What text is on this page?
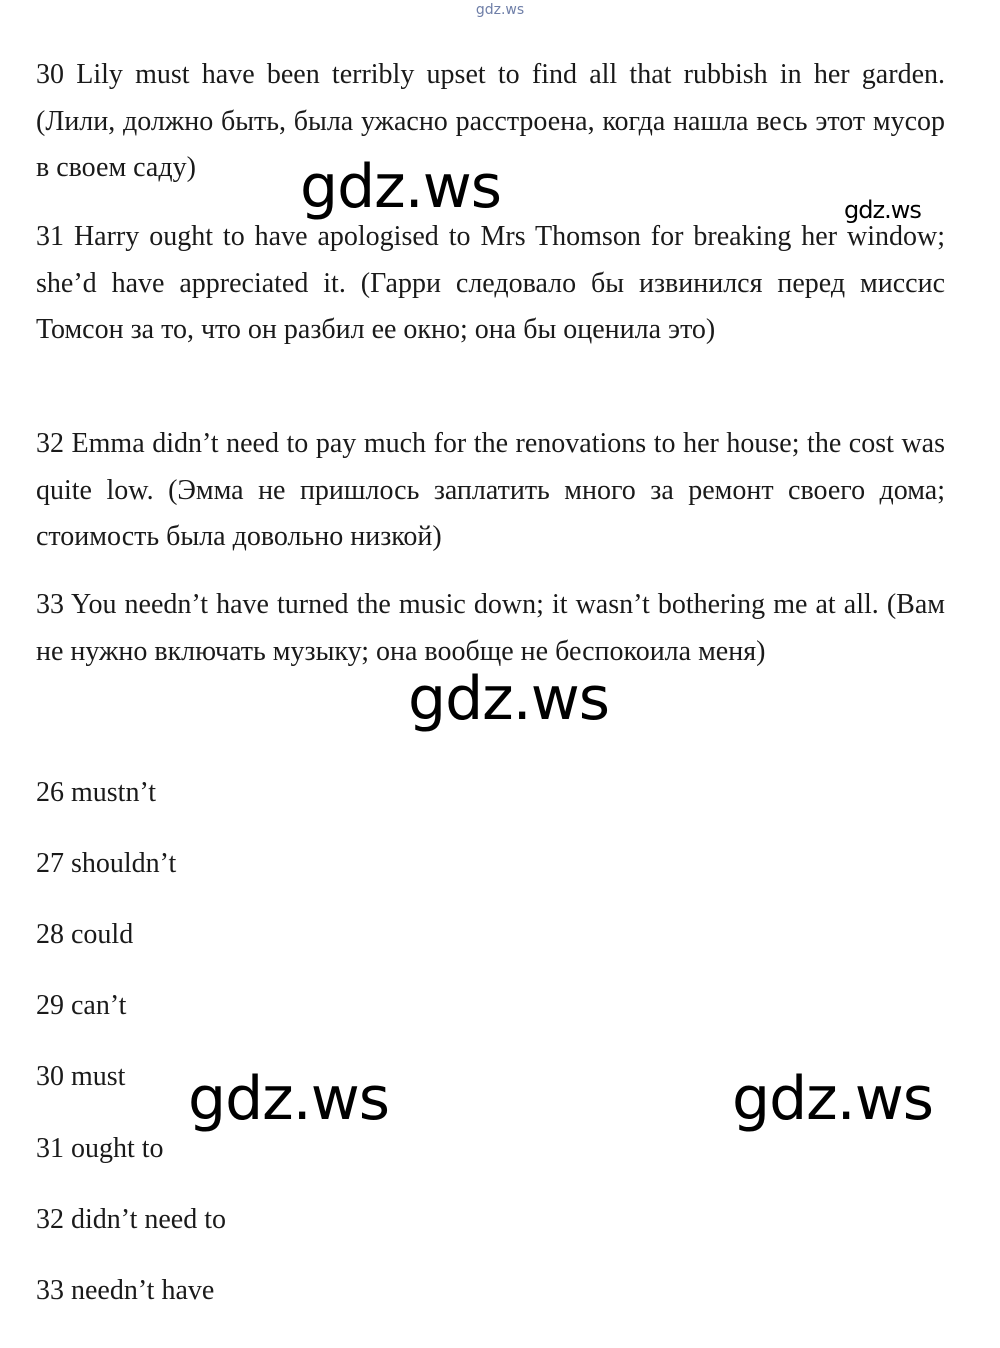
gdz.ws

30 Lily must have been terribly upset to find all that rubbish in her garden. (Лили, должно быть, была ужасно расстроена, когда нашла весь этот мусор в своем саду)

31 Harry ought to have apologised to Mrs Thomson for breaking her window; she’d have appreciated it. (Гарри следовало бы извинился перед миссис Томсон за то, что он разбил ее окно; она бы оценила это)

32 Emma didn’t need to pay much for the renovations to her house; the cost was quite low. (Эмма не пришлось заплатить много за ремонт своего дома; стоимость была довольно низкой)

33 You needn’t have turned the music down; it wasn’t bothering me at all. (Вам не нужно включать музыку; она вообще не беспокоила меня)

26 mustn’t

27 shouldn’t

28 could

29 can’t

30 must

31 ought to

32 didn’t need to

33 needn’t have

gdz.ws	gdz.ws
gdz.ws
gdz.ws	gdz.ws
